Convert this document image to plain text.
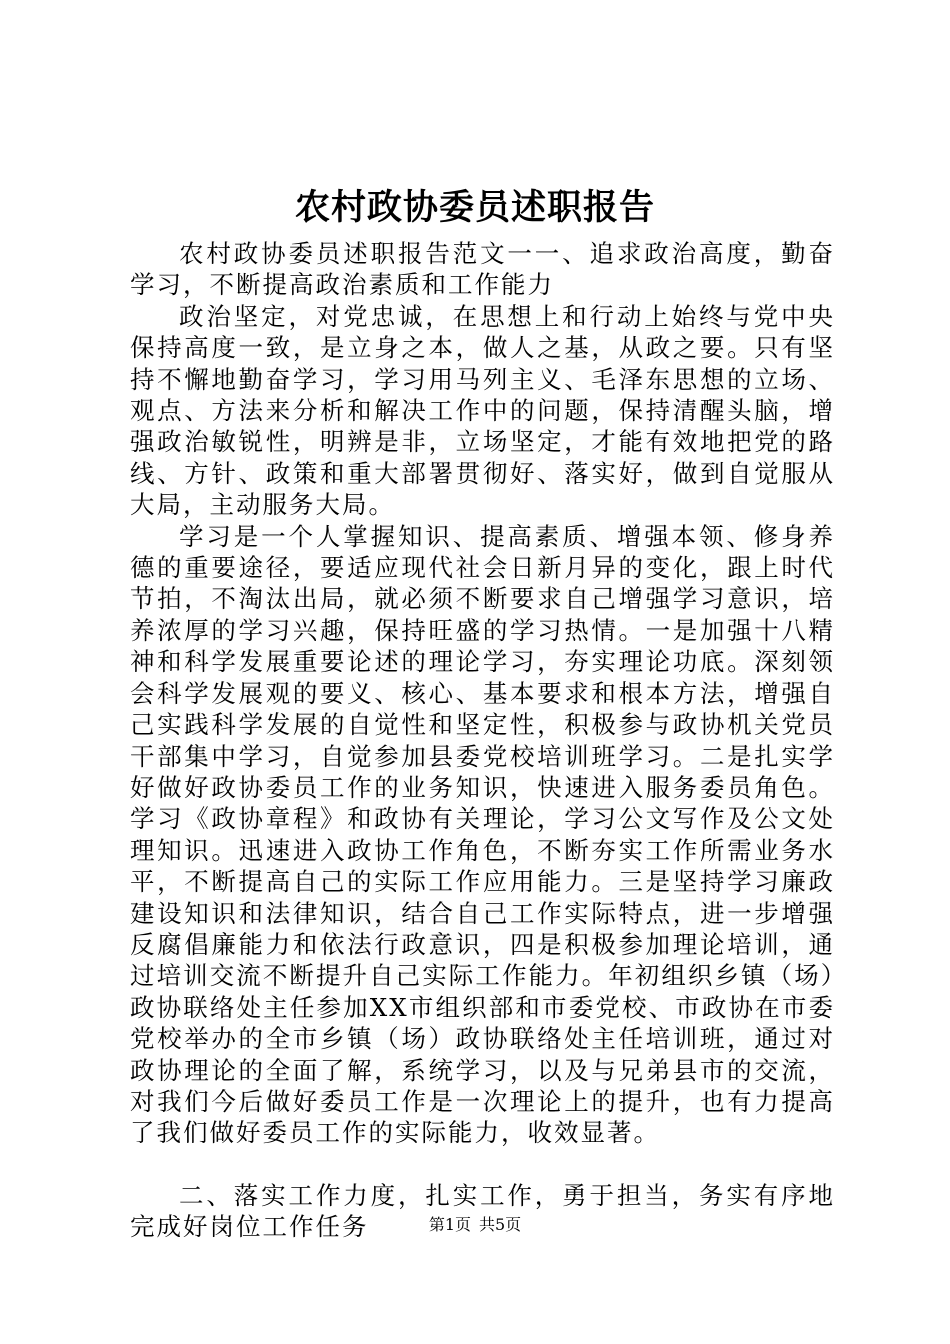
农村政协委员述职报告

农村政协委员述职报告范文一一、追求政治高度，勤奋学习，不断提高政治素质和工作能力

政治坚定，对党忠诚，在思想上和行动上始终与党中央保持高度一致，是立身之本，做人之基，从政之要。只有坚持不懈地勤奋学习，学习用马列主义、毛泽东思想的立场、观点、方法来分析和解决工作中的问题，保持清醒头脑，增强政治敏锐性，明辨是非，立场坚定，才能有效地把党的路线、方针、政策和重大部署贯彻好、落实好，做到自觉服从大局，主动服务大局。

学习是一个人掌握知识、提高素质、增强本领、修身养德的重要途径，要适应现代社会日新月异的变化，跟上时代节拍，不淘汰出局，就必须不断要求自己增强学习意识，培养浓厚的学习兴趣，保持旺盛的学习热情。一是加强十八精神和科学发展重要论述的理论学习，夯实理论功底。深刻领会科学发展观的要义、核心、基本要求和根本方法，增强自己实践科学发展的自觉性和坚定性，积极参与政协机关党员干部集中学习，自觉参加县委党校培训班学习。二是扎实学好做好政协委员工作的业务知识，快速进入服务委员角色。学习《政协章程》和政协有关理论，学习公文写作及公文处理知识。迅速进入政协工作角色，不断夯实工作所需业务水平，不断提高自己的实际工作应用能力。三是坚持学习廉政建设知识和法律知识，结合自己工作实际特点，进一步增强反腐倡廉能力和依法行政意识，四是积极参加理论培训，通过培训交流不断提升自己实际工作能力。年初组织乡镇（场）政协联络处主任参加XX市组织部和市委党校、市政协在市委党校举办的全市乡镇（场）政协联络处主任培训班，通过对政协理论的全面了解，系统学习，以及与兄弟县市的交流，对我们今后做好委员工作是一次理论上的提升，也有力提高了我们做好委员工作的实际能力，收效显著。

二、落实工作力度，扎实工作，勇于担当，务实有序地完成好岗位工作任务	第1页 共5页
